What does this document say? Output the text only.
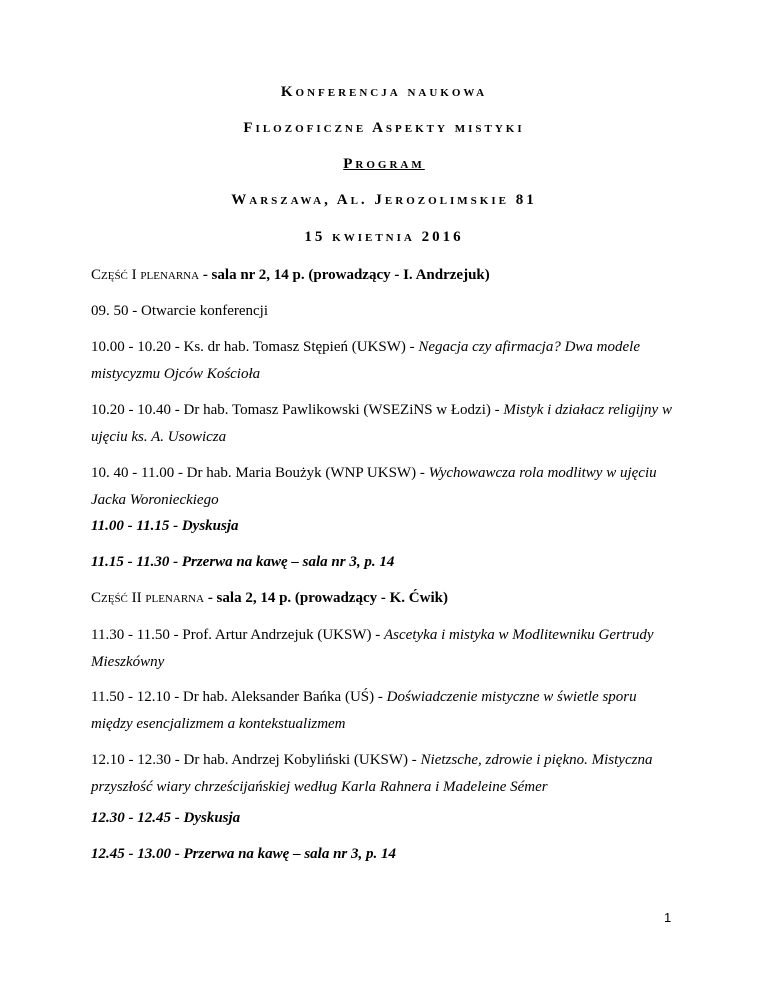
Konferencja naukowa
Filozoficzne Aspekty mistyki
Program
Warszawa, Al. Jerozolimskie 81
15 kwietnia 2016
Część I plenarna - sala nr 2, 14 p. (prowadzący - I. Andrzejuk)
09. 50 - Otwarcie konferencji
10.00 - 10.20 - Ks. dr hab. Tomasz Stępień (UKSW) - Negacja czy afirmacja? Dwa modele mistycyzmu Ojców Kościoła
10.20 - 10.40 - Dr hab. Tomasz Pawlikowski (WSEZiNS w Łodzi) - Mistyk i działacz religijny w ujęciu ks. A. Usowicza
10. 40 - 11.00 - Dr hab. Maria Boużyk (WNP UKSW) - Wychowawcza rola modlitwy w ujęciu Jacka Woronieckiego
11.00 - 11.15 - Dyskusja
11.15 - 11.30 - Przerwa na kawę – sala nr 3, p. 14
Część II plenarna - sala 2, 14 p. (prowadzący - K. Ćwik)
11.30 - 11.50 - Prof. Artur Andrzejuk (UKSW) - Ascetyka i mistyka w Modlitewniku Gertrudy Mieszkówny
11.50 - 12.10 - Dr hab. Aleksander Bańka (UŚ) - Doświadczenie mistyczne w świetle sporu między esencjalizmem a kontekstualizmem
12.10 - 12.30 - Dr hab. Andrzej Kobyliński (UKSW) - Nietzsche, zdrowie i piękno. Mistyczna przyszłość wiary chrześcijańskiej według Karla Rahnera i Madeleine Sémer
12.30 - 12.45 - Dyskusja
12.45 - 13.00 - Przerwa na kawę – sala nr 3, p. 14
1
